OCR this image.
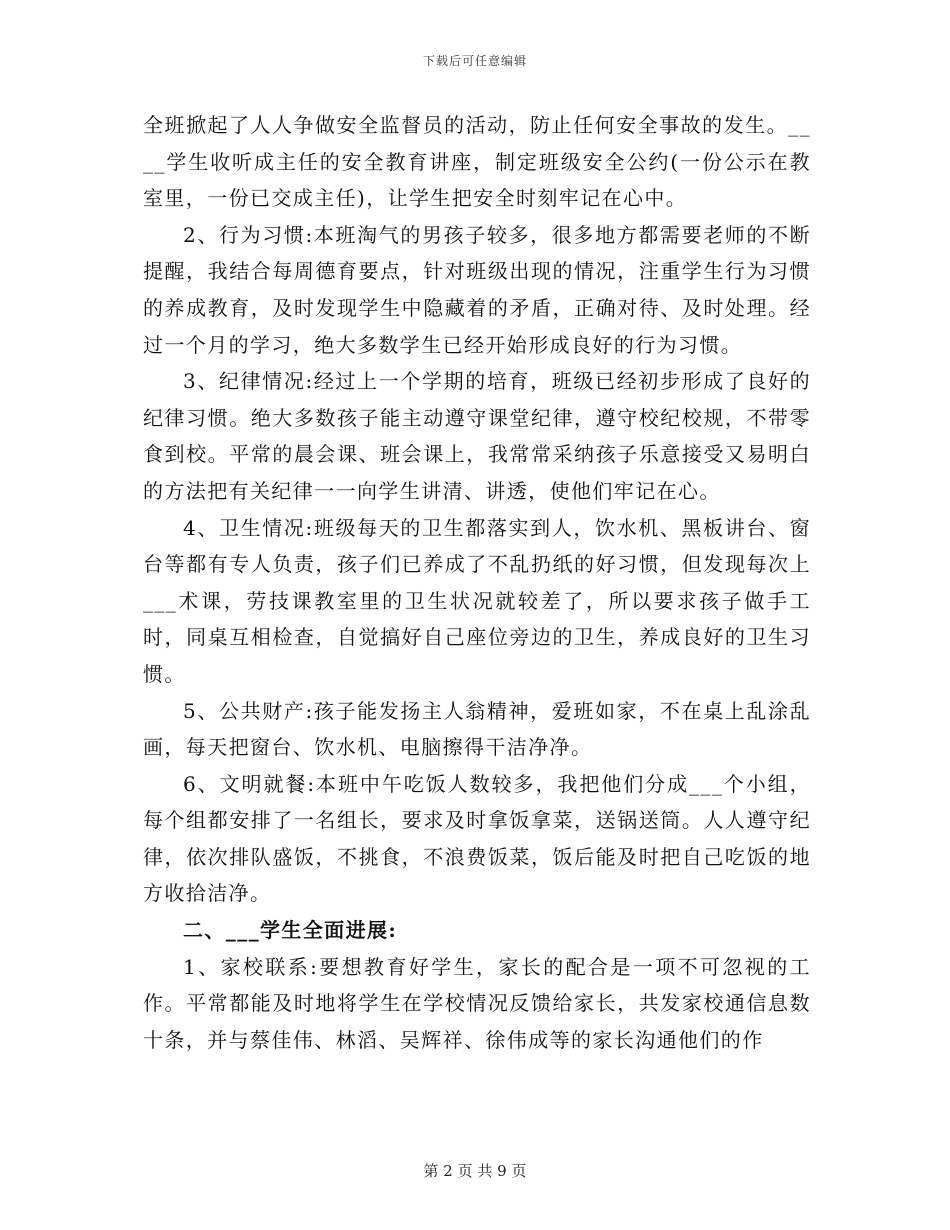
下载后可任意编辑

全班掀起了人人争做安全监督员的活动，防止任何安全事故的发生。____学生收听成主任的安全教育讲座，制定班级安全公约(一份公示在教室里，一份已交成主任)，让学生把安全时刻牢记在心中。

2、行为习惯:本班淘气的男孩子较多，很多地方都需要老师的不断提醒，我结合每周德育要点，针对班级出现的情况，注重学生行为习惯的养成教育，及时发现学生中隐藏着的矛盾，正确对待、及时处理。经过一个月的学习，绝大多数学生已经开始形成良好的行为习惯。

3、纪律情况:经过上一个学期的培育，班级已经初步形成了良好的纪律习惯。绝大多数孩子能主动遵守课堂纪律，遵守校纪校规，不带零食到校。平常的晨会课、班会课上，我常常采纳孩子乐意接受又易明白的方法把有关纪律一一向学生讲清、讲透，使他们牢记在心。

4、卫生情况:班级每天的卫生都落实到人，饮水机、黑板讲台、窗台等都有专人负责，孩子们已养成了不乱扔纸的好习惯，但发现每次上___术课，劳技课教室里的卫生状况就较差了，所以要求孩子做手工时，同桌互相检查，自觉搞好自己座位旁边的卫生，养成良好的卫生习惯。

5、公共财产:孩子能发扬主人翁精神，爱班如家，不在桌上乱涂乱画，每天把窗台、饮水机、电脑擦得干洁净净。

6、文明就餐:本班中午吃饭人数较多，我把他们分成___个小组，每个组都安排了一名组长，要求及时拿饭拿菜，送锅送筒。人人遵守纪律，依次排队盛饭，不挑食，不浪费饭菜，饭后能及时把自己吃饭的地方收拾洁净。

二、___学生全面进展:

1、家校联系:要想教育好学生，家长的配合是一项不可忽视的工作。平常都能及时地将学生在学校情况反馈给家长，共发家校通信息数十条，并与蔡佳伟、林滔、吴辉祥、徐伟成等的家长沟通他们的作

第 2 页 共 9 页
